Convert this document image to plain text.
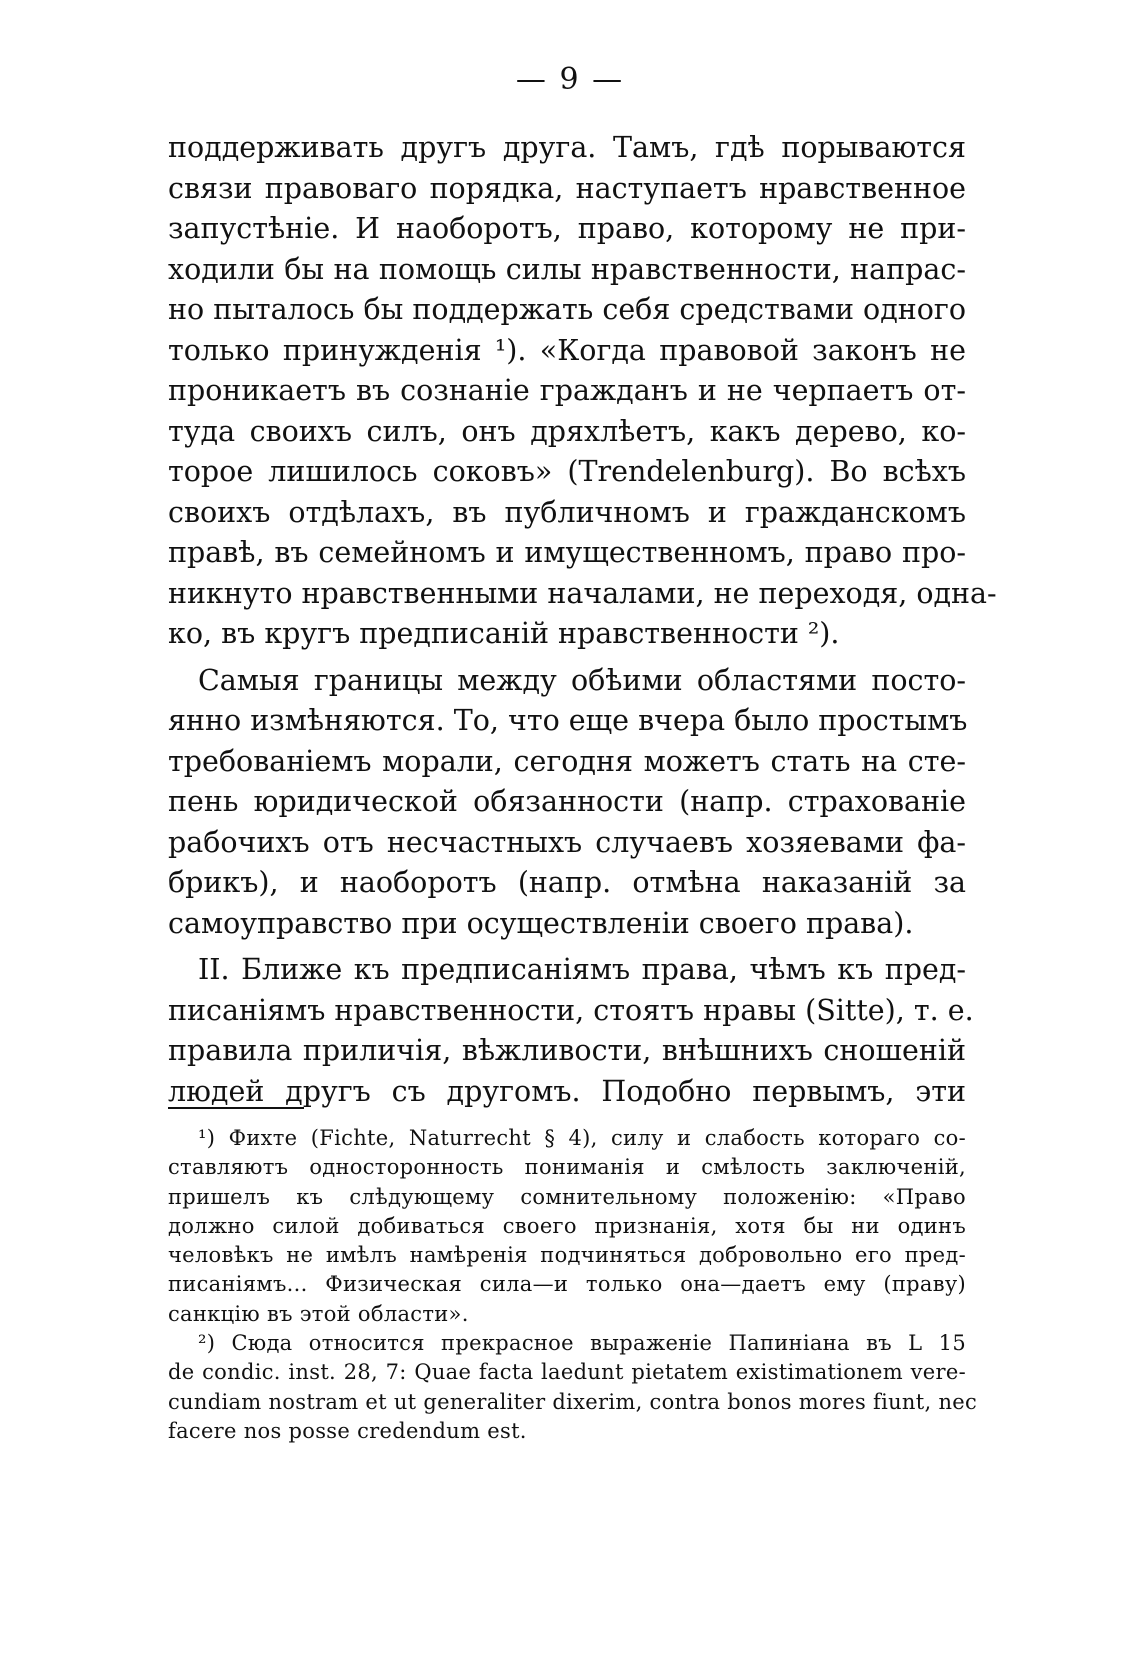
— 9 —
поддерживать другъ друга. Тамъ, гдѣ порываются
связи правоваго порядка, наступаетъ нравственное
запустѣніе. И наоборотъ, право, которому не при-
ходили бы на помощь силы нравственности, напрас-
но пыталось бы поддержать себя средствами одного
только принужденія ¹). «Когда правовой законъ не
проникаетъ въ сознаніе гражданъ и не черпаетъ от-
туда своихъ силъ, онъ дряхлѣетъ, какъ дерево, ко-
торое лишилось соковъ» (Trendelenburg). Во всѣхъ
своихъ отдѣлахъ, въ публичномъ и гражданскомъ
правѣ, въ семейномъ и имущественномъ, право про-
никнуто нравственными началами, не переходя, одна-
ко, въ кругъ предписаній нравственности ²).
Самыя границы между обѣими областями посто-
янно измѣняются. То, что еще вчера было простымъ
требованіемъ морали, сегодня можетъ стать на сте-
пень юридической обязанности (напр. страхованіе
рабочихъ отъ несчастныхъ случаевъ хозяевами фа-
брикъ), и наоборотъ (напр. отмѣна наказаній за
самоуправство при осуществленіи своего права).
II. Ближе къ предписаніямъ права, чѣмъ къ пред-
писаніямъ нравственности, стоятъ нравы (Sitte), т. е.
правила приличія, вѣжливости, внѣшнихъ сношеній
людей другъ съ другомъ. Подобно первымъ, эти
¹) Фихте (Fichte, Naturrecht § 4), силу и слабость котораго со-
ставляютъ односторонность пониманія и смѣлость заключеній,
пришелъ къ слѣдующему сомнительному положенію: «Право
должно силой добиваться своего признанія, хотя бы ни одинъ
человѣкъ не имѣлъ намѣренія подчиняться добровольно его пред-
писаніямъ... Физическая сила—и только она—даетъ ему (праву)
санкцію въ этой области».
²) Сюда относится прекрасное выраженіе Папиніана въ L 15
de condic. inst. 28, 7: Quae facta laedunt pietatem existimationem vere-
cundiam nostram et ut generaliter dixerim, contra bonos mores fiunt, nec
facere nos posse credendum est.
